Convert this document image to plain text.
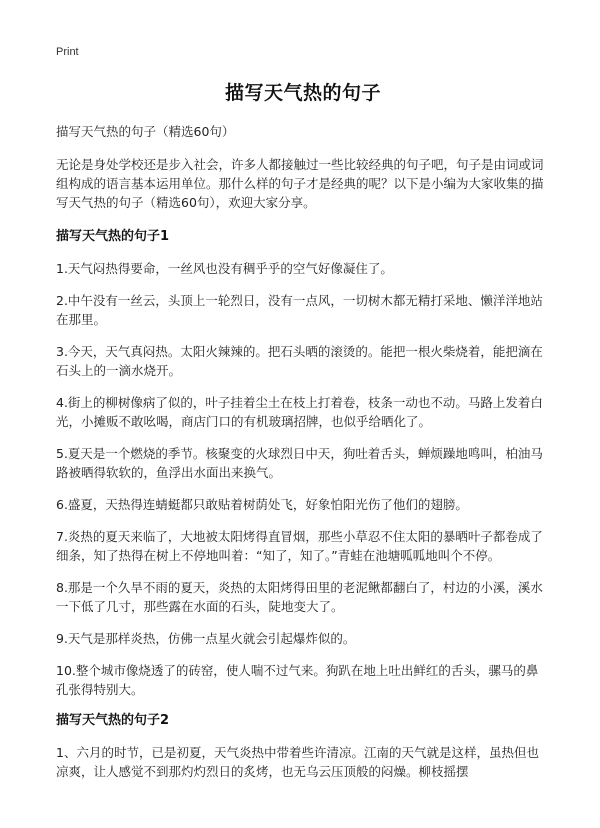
Print
描写天气热的句子
描写天气热的句子（精选60句）
无论是身处学校还是步入社会，许多人都接触过一些比较经典的句子吧，句子是由词或词组构成的语言基本运用单位。那什么样的句子才是经典的呢？以下是小编为大家收集的描写天气热的句子（精选60句），欢迎大家分享。
描写天气热的句子1
1.天气闷热得要命，一丝风也没有稠乎乎的空气好像凝住了。
2.中午没有一丝云，头顶上一轮烈日，没有一点风，一切树木都无精打采地、懒洋洋地站在那里。
3.今天，天气真闷热。太阳火辣辣的。把石头晒的滚烫的。能把一根火柴烧着，能把滴在石头上的一滴水烧开。
4.街上的柳树像病了似的，叶子挂着尘土在枝上打着卷，枝条一动也不动。马路上发着白光，小摊贩不敢吆喝，商店门口的有机玻璃招牌，也似乎给晒化了。
5.夏天是一个燃烧的季节。核聚变的火球烈日中天，狗吐着舌头，蝉烦躁地鸣叫，柏油马路被晒得软软的，鱼浮出水面出来换气。
6.盛夏，天热得连蜻蜓都只敢贴着树荫处飞，好象怕阳光伤了他们的翅膀。
7.炎热的夏天来临了，大地被太阳烤得直冒烟，那些小草忍不住太阳的暴晒叶子都卷成了细条，知了热得在树上不停地叫着：“知了，知了。”青蛙在池塘呱呱地叫个不停。
8.那是一个久旱不雨的夏天，炎热的太阳烤得田里的老泥鳅都翻白了，村边的小溪，溪水一下低了几寸，那些露在水面的石头，陡地变大了。
9.天气是那样炎热，仿佛一点星火就会引起爆炸似的。
10.整个城市像烧透了的砖窑，使人喘不过气来。狗趴在地上吐出鲜红的舌头，骡马的鼻孔张得特别大。
描写天气热的句子2
1、六月的时节，已是初夏，天气炎热中带着些许清凉。江南的天气就是这样，虽热但也凉爽，让人感觉不到那灼灼烈日的炙烤，也无乌云压顶般的闷燥。柳枝摇摆
